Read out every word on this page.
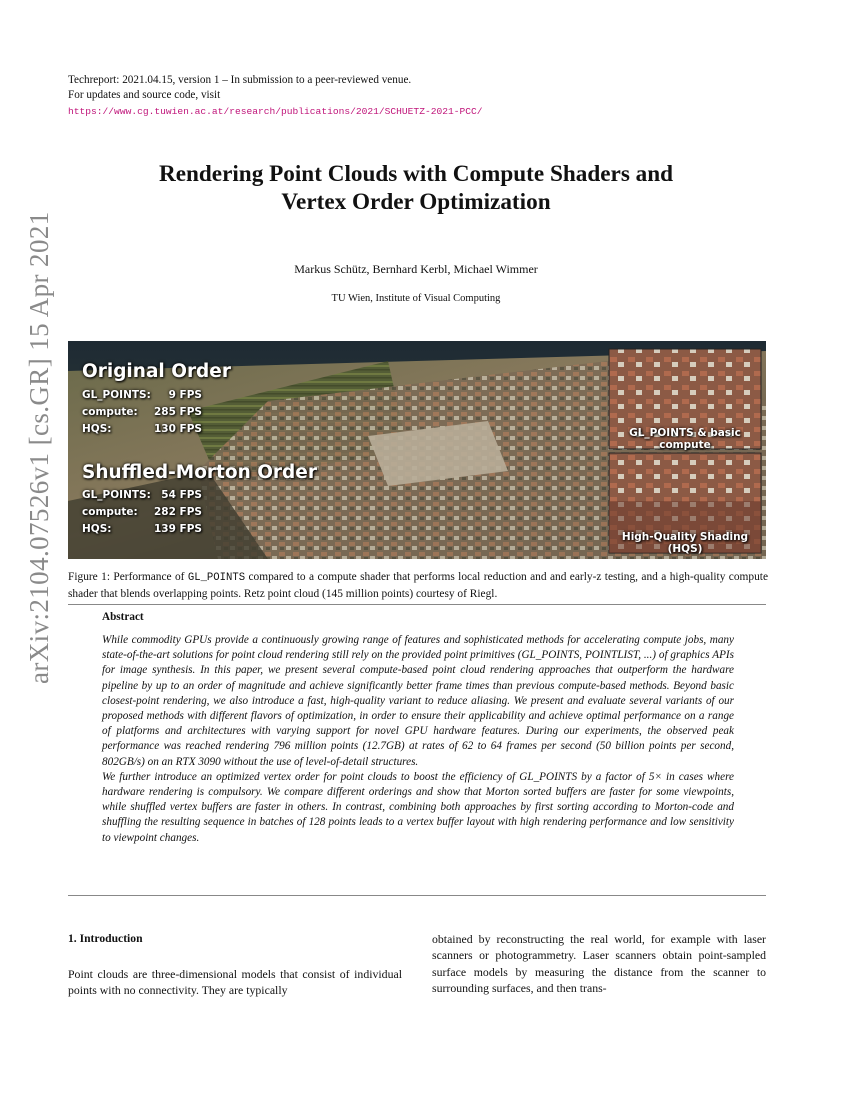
Techreport: 2021.04.15, version 1 – In submission to a peer-reviewed venue.
For updates and source code, visit
https://www.cg.tuwien.ac.at/research/publications/2021/SCHUETZ-2021-PCC/
arXiv:2104.07526v1 [cs.GR] 15 Apr 2021
Rendering Point Clouds with Compute Shaders and
Vertex Order Optimization
Markus Schütz, Bernhard Kerbl, Michael Wimmer
TU Wien, Institute of Visual Computing
Original Order
GL_POINTS: 9 FPS
compute: 285 FPS
HQS:	130 FPS
Shuffled-Morton Order
GL_POINTS: 54 FPS
compute: 282 FPS
HQS:	139 FPS
GL_POINTS & basic compute
High-Quality Shading (HQS)
Figure 1: Performance of GL_POINTS compared to a compute shader that performs local reduction and and early-z testing, and a high-quality compute shader that blends overlapping points. Retz point cloud (145 million points) courtesy of Riegl.
Abstract

While commodity GPUs provide a continuously growing range of features and sophisticated methods for accelerating compute jobs, many state-of-the-art solutions for point cloud rendering still rely on the provided point primitives (GL_POINTS, POINTLIST, ...) of graphics APIs for image synthesis. In this paper, we present several compute-based point cloud rendering approaches that outperform the hardware pipeline by up to an order of magnitude and achieve significantly better frame times than previous compute-based methods. Beyond basic closest-point rendering, we also introduce a fast, high-quality variant to reduce aliasing. We present and evaluate several variants of our proposed methods with different flavors of optimization, in order to ensure their applicability and achieve optimal performance on a range of platforms and architectures with varying support for novel GPU hardware features. During our experiments, the observed peak performance was reached rendering 796 million points (12.7GB) at rates of 62 to 64 frames per second (50 billion points per second, 802GB/s) on an RTX 3090 without the use of level-of-detail structures.

We further introduce an optimized vertex order for point clouds to boost the efficiency of GL_POINTS by a factor of 5× in cases where hardware rendering is compulsory. We compare different orderings and show that Morton sorted buffers are faster for some viewpoints, while shuffled vertex buffers are faster in others. In contrast, combining both approaches by first sorting according to Morton-code and shuffling the resulting sequence in batches of 128 points leads to a vertex buffer layout with high rendering performance and low sensitivity to viewpoint changes.

1. Introduction
Point clouds are three-dimensional models that consist of individual points with no connectivity. They are typically
obtained by reconstructing the real world, for example with laser scanners or photogrammetry. Laser scanners obtain point-sampled surface models by measuring the distance from the scanner to surrounding surfaces, and then trans-
